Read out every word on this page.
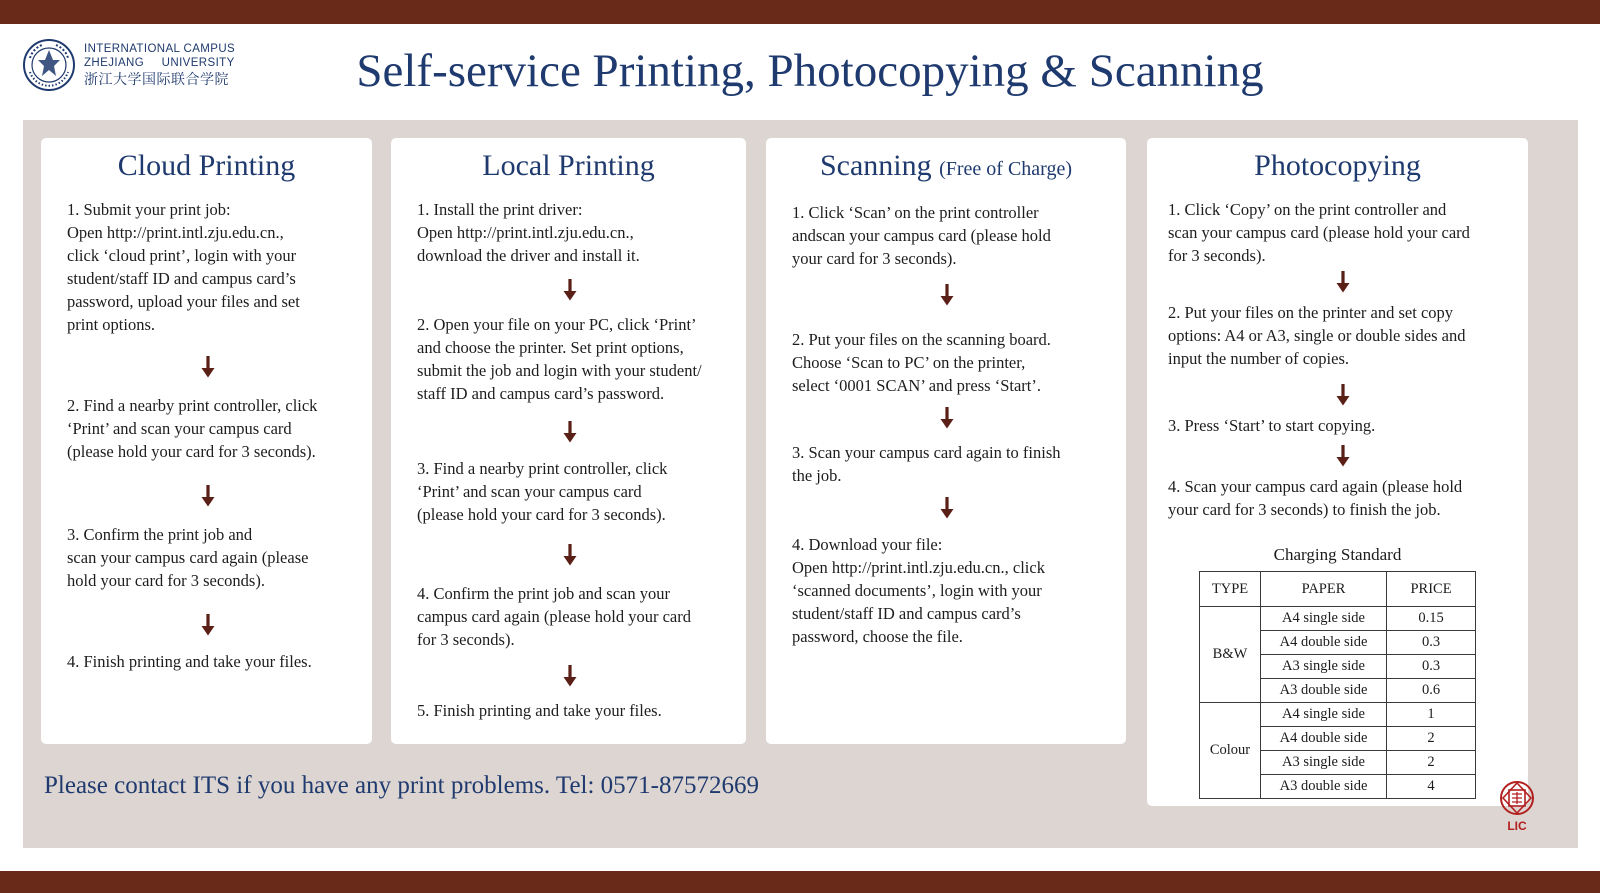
INTERNATIONAL CAMPUS
ZHEJIANG UNIVERSITY
浙江大学国际联合学院	Self-service Printing, Photocopying & Scanning
Cloud Printing
1. Submit your print job:
Open http://print.intl.zju.edu.cn.,
click ‘cloud print’, login with your
student/staff ID and campus card’s
password, upload your files and set
print options.
2. Find a nearby print controller, click
‘Print’ and scan your campus card
(please hold your card for 3 seconds).
3. Confirm the print job and
scan your campus card again (please
hold your card for 3 seconds).
4. Finish printing and take your files.
Local Printing
1. Install the print driver:
Open http://print.intl.zju.edu.cn.,
download the driver and install it.
2. Open your file on your PC, click ‘Print’
and choose the printer. Set print options,
submit the job and login with your student/
staff ID and campus card’s password.
3. Find a nearby print controller, click
‘Print’ and scan your campus card
(please hold your card for 3 seconds).
4. Confirm the print job and scan your
campus card again (please hold your card
for 3 seconds).
5. Finish printing and take your files.
Scanning (Free of Charge)
1. Click ‘Scan’ on the print controller
andscan your campus card (please hold
your card for 3 seconds).
2. Put your files on the scanning board.
Choose ‘Scan to PC’ on the printer,
select ‘0001 SCAN’ and press ‘Start’.
3. Scan your campus card again to finish
the job.
4. Download your file:
Open http://print.intl.zju.edu.cn., click
‘scanned documents’, login with your
student/staff ID and campus card’s
password, choose the file.
Photocopying
1. Click ‘Copy’ on the print controller and
scan your campus card (please hold your card
for 3 seconds).
2. Put your files on the printer and set copy
options: A4 or A3, single or double sides and
input the number of copies.
3. Press ‘Start’ to start copying.
4. Scan your campus card again (please hold
your card for 3 seconds) to finish the job.
Charging Standard
TYPE	PAPER	PRICE
B&W	A4 single side	0.15
	A4 double side	0.3
	A3 single side	0.3
	A3 double side	0.6
Colour	A4 single side	1
	A4 double side	2
	A3 single side	2
	A3 double side	4
Please contact ITS if you have any print problems. Tel: 0571-87572669
LIC
